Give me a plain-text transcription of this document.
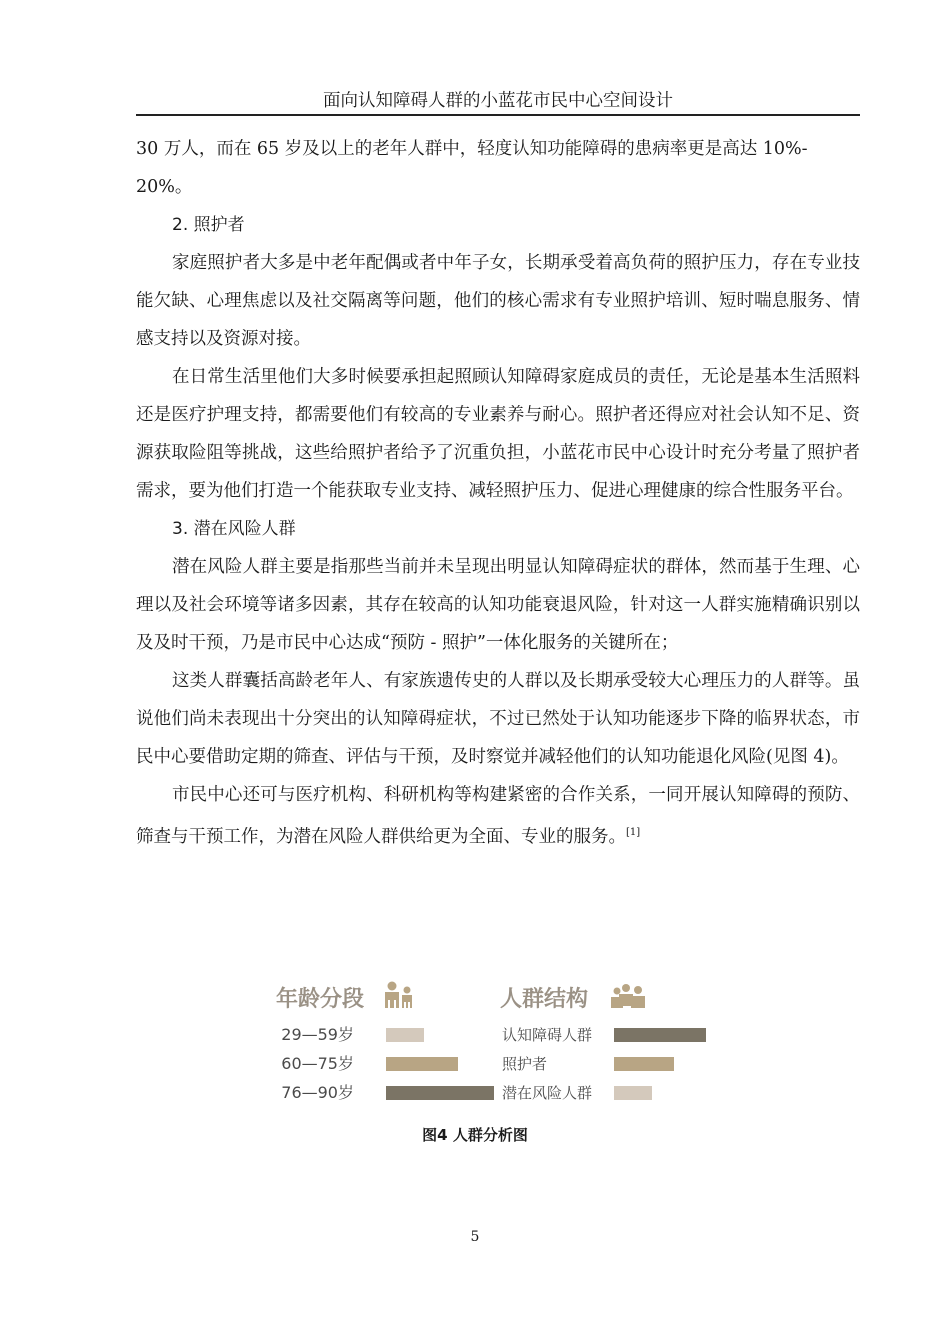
面向认知障碍人群的小蓝花市民中心空间设计

30 万人，而在 65 岁及以上的老年人群中，轻度认知功能障碍的患病率更是高达 10%-
20%。

2. 照护者

家庭照护者大多是中老年配偶或者中年子女，长期承受着高负荷的照护压力，存在专业技能欠缺、心理焦虑以及社交隔离等问题，他们的核心需求有专业照护培训、短时喘息服务、情感支持以及资源对接。

在日常生活里他们大多时候要承担起照顾认知障碍家庭成员的责任，无论是基本生活照料还是医疗护理支持，都需要他们有较高的专业素养与耐心。照护者还得应对社会认知不足、资源获取险阻等挑战，这些给照护者给予了沉重负担，小蓝花市民中心设计时充分考量了照护者需求，要为他们打造一个能获取专业支持、减轻照护压力、促进心理健康的综合性服务平台。

3. 潜在风险人群

潜在风险人群主要是指那些当前并未呈现出明显认知障碍症状的群体，然而基于生理、心理以及社会环境等诸多因素，其存在较高的认知功能衰退风险，针对这一人群实施精确识别以及及时干预，乃是市民中心达成“预防 - 照护”一体化服务的关键所在；

这类人群囊括高龄老年人、有家族遗传史的人群以及长期承受较大心理压力的人群等。虽说他们尚未表现出十分突出的认知障碍症状，不过已然处于认知功能逐步下降的临界状态，市民中心要借助定期的筛查、评估与干预，及时察觉并减轻他们的认知功能退化风险(见图 4)。

市民中心还可与医疗机构、科研机构等构建紧密的合作关系，一同开展认知障碍的预防、筛查与干预工作，为潜在风险人群供给更为全面、专业的服务。[1]

年龄分段
29—59岁
60—75岁
76—90岁
人群结构
认知障碍人群
照护者
潜在风险人群
图4 人群分析图
5
